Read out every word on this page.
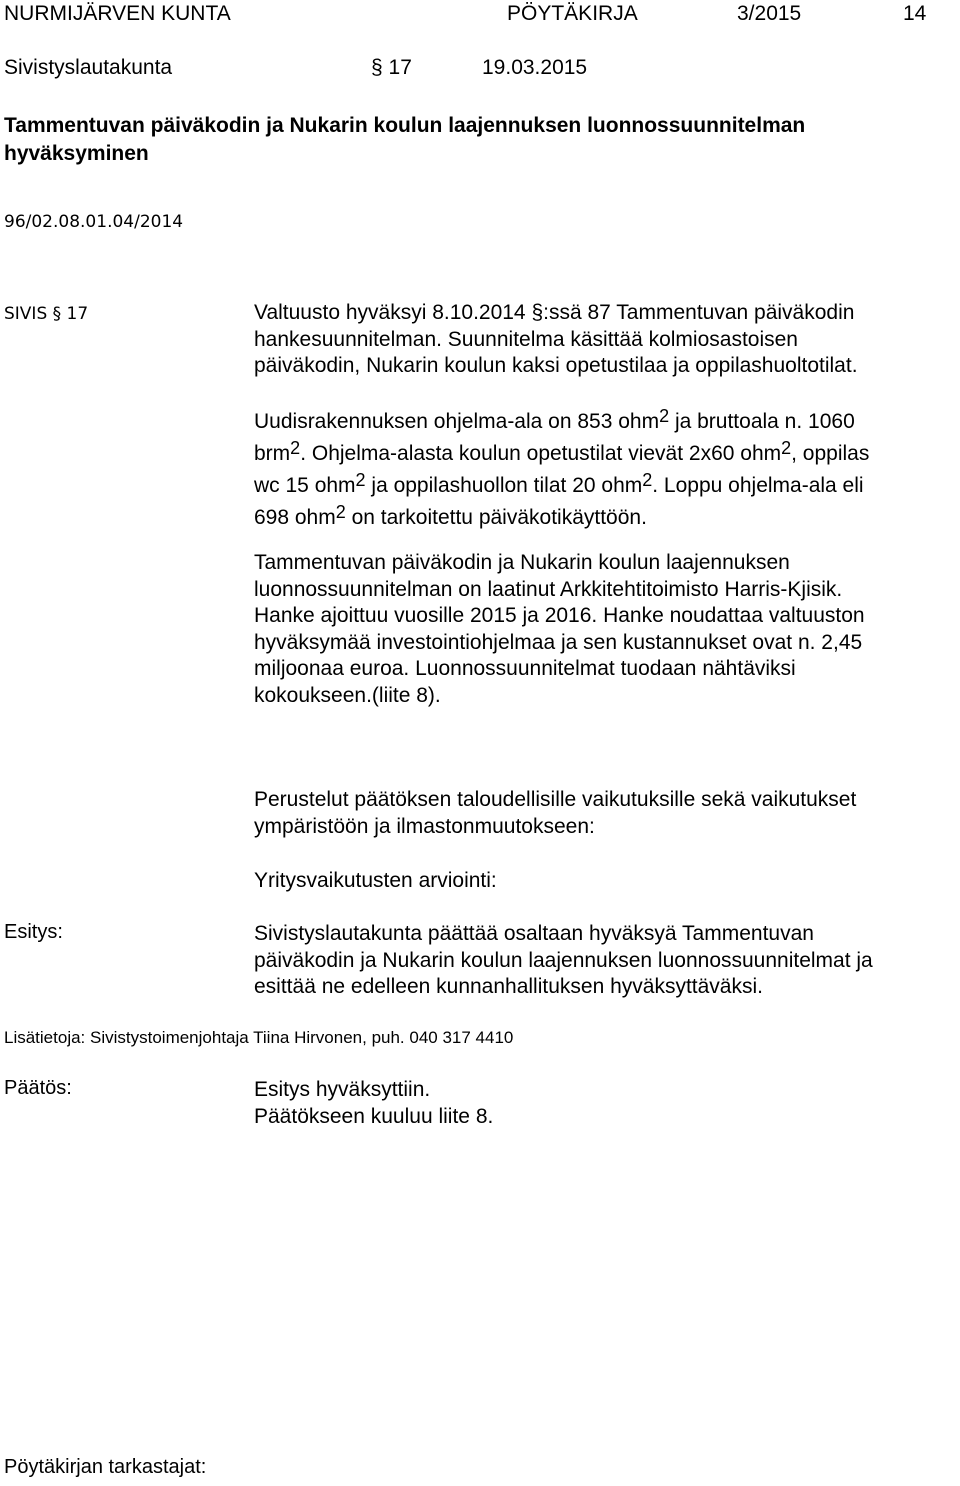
NURMIJÄRVEN KUNTA	PÖYTÄKIRJA	3/2015	14
Sivistyslautakunta	§ 17	19.03.2015
Tammentuvan päiväkodin ja Nukarin koulun laajennuksen luonnossuunnitelman
hyväksyminen
96/02.08.01.04/2014
SIVIS § 17	Valtuusto hyväksyi 8.10.2014 §:ssä 87 Tammentuvan päiväkodin
hankesuunnitelman. Suunnitelma käsittää kolmiosastoisen
päiväkodin, Nukarin koulun kaksi opetustilaa ja oppilashuoltotilat.
Uudisrakennuksen ohjelma-ala on 853 ohm2 ja bruttoala n. 1060
brm2. Ohjelma-alasta koulun opetustilat vievät 2x60 ohm2, oppilas
wc 15 ohm2 ja oppilashuollon tilat 20 ohm2. Loppu ohjelma-ala eli
698 ohm2 on tarkoitettu päiväkotikäyttöön.
Tammentuvan päiväkodin ja Nukarin koulun laajennuksen
luonnossuunnitelman on laatinut Arkkitehtitoimisto Harris-Kjisik.
Hanke ajoittuu vuosille 2015 ja 2016. Hanke noudattaa valtuuston
hyväksymää investointiohjelmaa ja sen kustannukset ovat n. 2,45
miljoonaa euroa. Luonnossuunnitelmat tuodaan nähtäviksi
kokoukseen.(liite 8).
Perustelut päätöksen taloudellisille vaikutuksille sekä vaikutukset
ympäristöön ja ilmastonmuutokseen:
Yritysvaikutusten arviointi:
Esitys:	Sivistyslautakunta päättää osaltaan hyväksyä Tammentuvan
päiväkodin ja Nukarin koulun laajennuksen luonnossuunnitelmat ja
esittää ne edelleen kunnanhallituksen hyväksyttäväksi.
Lisätietoja: Sivistystoimenjohtaja Tiina Hirvonen, puh. 040 317 4410
Päätös:	Esitys hyväksyttiin.
Päätökseen kuuluu liite 8.
Pöytäkirjan tarkastajat:
